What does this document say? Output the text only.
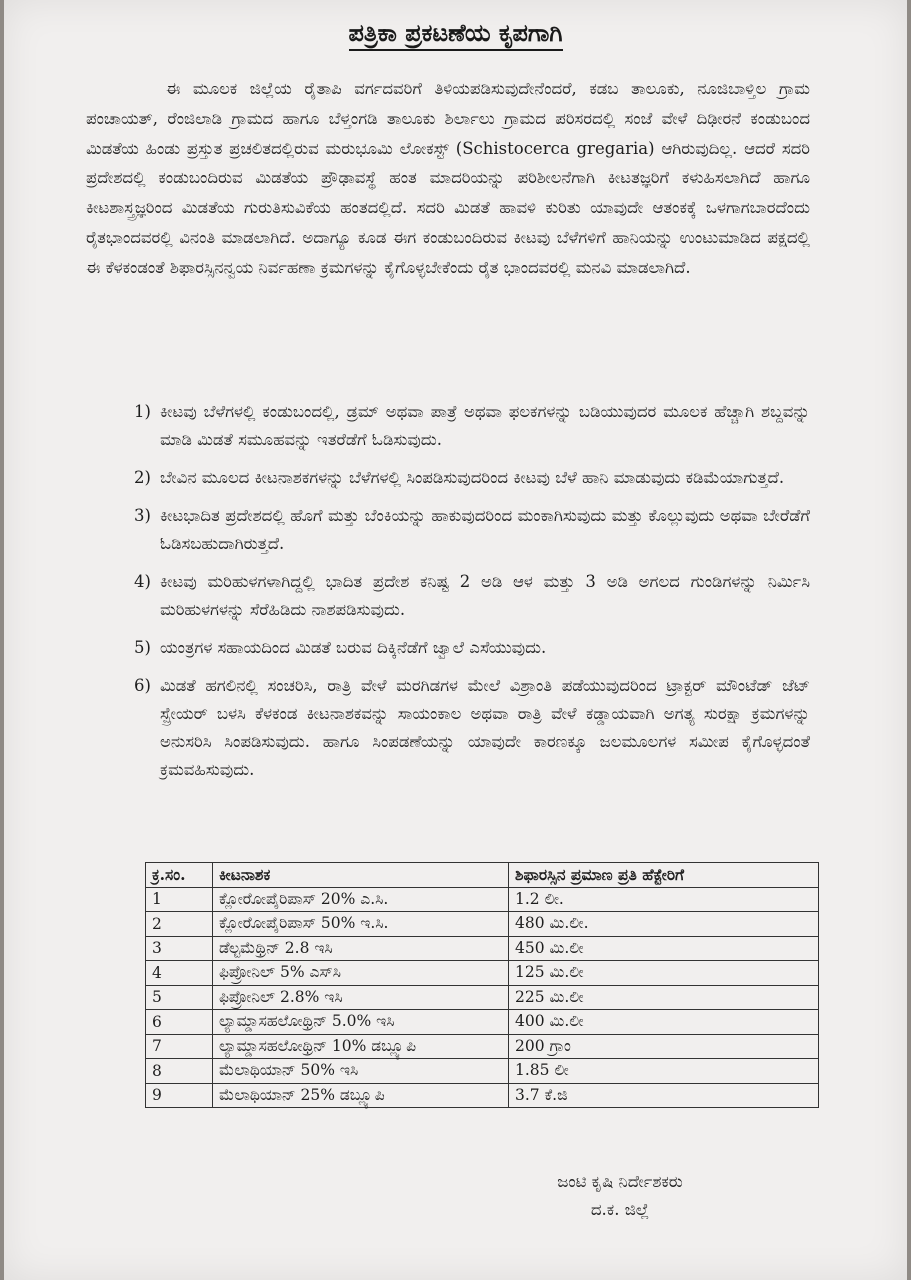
ಪತ್ರಿಕಾ ಪ್ರಕಟಣೆಯ ಕೃಪಗಾಗಿ
ಈ ಮೂಲಕ ಜಿಲ್ಲೆಯ ರೈತಾಪಿ ವರ್ಗದವರಿಗೆ ತಿಳಿಯಪಡಿಸುವುದೇನೆಂದರೆ, ಕಡಬ ತಾಲೂಕು, ನೂಜಿಬಾಳ್ತಿಲ ಗ್ರಾಮ ಪಂಚಾಯತ್, ರೆಂಜಿಲಾಡಿ ಗ್ರಾಮದ ಹಾಗೂ ಬೆಳ್ತಂಗಡಿ ತಾಲೂಕು ಶಿರ್ಲಾಲು ಗ್ರಾಮದ ಪರಿಸರದಲ್ಲಿ ಸಂಜೆ ವೇಳೆ ದಿಢೀರನೆ ಕಂಡುಬಂದ ಮಿಡತೆಯ ಹಿಂಡು ಪ್ರಸ್ತುತ ಪ್ರಚಲಿತದಲ್ಲಿರುವ ಮರುಭೂಮಿ ಲೋಕಸ್ಟ್ (Schistocerca gregaria) ಆಗಿರುವುದಿಲ್ಲ. ಆದರೆ ಸದರಿ ಪ್ರದೇಶದಲ್ಲಿ ಕಂಡುಬಂದಿರುವ ಮಿಡತೆಯ ಪ್ರೌಢಾವಸ್ಥೆ ಹಂತ ಮಾದರಿಯನ್ನು ಪರಿಶೀಲನೆಗಾಗಿ ಕೀಟತಜ್ಞರಿಗೆ ಕಳುಹಿಸಲಾಗಿದೆ ಹಾಗೂ ಕೀಟಶಾಸ್ತ್ರಜ್ಞರಿಂದ ಮಿಡತೆಯ ಗುರುತಿಸುವಿಕೆಯ ಹಂತದಲ್ಲಿದೆ. ಸದರಿ ಮಿಡತೆ ಹಾವಳಿ ಕುರಿತು ಯಾವುದೇ ಆತಂಕಕ್ಕೆ ಒಳಗಾಗಬಾರದೆಂದು ರೈತಭಾಂದವರಲ್ಲಿ ವಿನಂತಿ ಮಾಡಲಾಗಿದೆ. ಅದಾಗ್ಯೂ ಕೂಡ ಈಗ ಕಂಡುಬಂದಿರುವ ಕೀಟವು ಬೆಳೆಗಳಿಗೆ ಹಾನಿಯನ್ನು ಉಂಟುಮಾಡಿದ ಪಕ್ಷದಲ್ಲಿ ಈ ಕೆಳಕಂಡಂತೆ ಶಿಫಾರಸ್ಸಿನನ್ವಯ ನಿರ್ವಹಣಾ ಕ್ರಮಗಳನ್ನು ಕೈಗೊಳ್ಳಬೇಕೆಂದು ರೈತ ಭಾಂದವರಲ್ಲಿ ಮನವಿ ಮಾಡಲಾಗಿದೆ.
1) ಕೀಟವು ಬೆಳೆಗಳಲ್ಲಿ ಕಂಡುಬಂದಲ್ಲಿ, ಡ್ರಮ್ ಅಥವಾ ಪಾತ್ರೆ ಅಥವಾ ಫಲಕಗಳನ್ನು ಬಡಿಯುವುದರ ಮೂಲಕ ಹೆಚ್ಚಾಗಿ ಶಬ್ದವನ್ನು ಮಾಡಿ ಮಿಡತೆ ಸಮೂಹವನ್ನು ಇತರೆಡೆಗೆ ಓಡಿಸುವುದು.
2) ಬೇವಿನ ಮೂಲದ ಕೀಟನಾಶಕಗಳನ್ನು ಬೆಳೆಗಳಲ್ಲಿ ಸಿಂಪಡಿಸುವುದರಿಂದ ಕೀಟವು ಬೆಳೆ ಹಾನಿ ಮಾಡುವುದು ಕಡಿಮೆಯಾಗುತ್ತದೆ.
3) ಕೀಟಭಾದಿತ ಪ್ರದೇಶದಲ್ಲಿ ಹೊಗೆ ಮತ್ತು ಬೆಂಕಿಯನ್ನು ಹಾಕುವುದರಿಂದ ಮಂಕಾಗಿಸುವುದು ಮತ್ತು ಕೊಲ್ಲುವುದು ಅಥವಾ ಬೇರೆಡೆಗೆ ಓಡಿಸಬಹುದಾಗಿರುತ್ತದೆ.
4) ಕೀಟವು ಮರಿಹುಳಗಳಾಗಿದ್ದಲ್ಲಿ ಭಾದಿತ ಪ್ರದೇಶ ಕನಿಷ್ಟ 2 ಅಡಿ ಆಳ ಮತ್ತು 3 ಅಡಿ ಅಗಲದ ಗುಂಡಿಗಳನ್ನು ನಿರ್ಮಿಸಿ ಮರಿಹುಳಗಳನ್ನು ಸೆರೆಹಿಡಿದು ನಾಶಪಡಿಸುವುದು.
5) ಯಂತ್ರಗಳ ಸಹಾಯದಿಂದ ಮಿಡತೆ ಬರುವ ದಿಕ್ಕಿನೆಡೆಗೆ ಜ್ವಾಲೆ ಎಸೆಯುವುದು.
6) ಮಿಡತೆ ಹಗಲಿನಲ್ಲಿ ಸಂಚರಿಸಿ, ರಾತ್ರಿ ವೇಳೆ ಮರಗಿಡಗಳ ಮೇಲೆ ವಿಶ್ರಾಂತಿ ಪಡೆಯುವುದರಿಂದ ಟ್ರಾಕ್ಟರ್ ಮೌಂಟೆಡ್ ಜೆಟ್ ಸ್ಪ್ರೇಯರ್ ಬಳಸಿ ಕೆಳಕಂಡ ಕೀಟನಾಶಕವನ್ನು ಸಾಯಂಕಾಲ ಅಥವಾ ರಾತ್ರಿ ವೇಳೆ ಕಡ್ಡಾಯವಾಗಿ ಅಗತ್ಯ ಸುರಕ್ಷಾ ಕ್ರಮಗಳನ್ನು ಅನುಸರಿಸಿ ಸಿಂಪಡಿಸುವುದು. ಹಾಗೂ ಸಿಂಪಡಣೆಯನ್ನು ಯಾವುದೇ ಕಾರಣಕ್ಕೂ ಜಲಮೂಲಗಳ ಸಮೀಪ ಕೈಗೊಳ್ಳದಂತೆ ಕ್ರಮವಹಿಸುವುದು.
ಕ್ರ.ಸಂ.	ಕೀಟನಾಶಕ	ಶಿಫಾರಸ್ಸಿನ ಪ್ರಮಾಣ ಪ್ರತಿ ಹೆಕ್ಟೇರಿಗೆ
1	ಕ್ಲೋರೋಪೈರಿಪಾಸ್ 20% ಎ.ಸಿ.	1.2 ಲೀ.
2	ಕ್ಲೋರೋಪೈರಿಪಾಸ್ 50% ಇ.ಸಿ.	480 ಮಿ.ಲೀ.
3	ಡೆಲ್ಟಮೆಥ್ರಿನ್ 2.8 ಇಸಿ	450 ಮಿ.ಲೀ
4	ಫಿಪ್ರೋನಿಲ್ 5% ಎಸ್‌ಸಿ	125 ಮಿ.ಲೀ
5	ಫಿಪ್ರೋನಿಲ್ 2.8% ಇಸಿ	225 ಮಿ.ಲೀ
6	ಲ್ಯಾಮ್ಡಾಸಹಲೋಥ್ರಿನ್ 5.0% ಇಸಿ	400 ಮಿ.ಲೀ
7	ಲ್ಯಾಮ್ಡಾಸಹಲೋಥ್ರಿನ್ 10% ಡಬ್ಲ್ಯೂಪಿ	200 ಗ್ರಾಂ
8	ಮೆಲಾಥಿಯಾನ್ 50% ಇಸಿ	1.85 ಲೀ
9	ಮೆಲಾಥಿಯಾನ್ 25% ಡಬ್ಲ್ಯೂಪಿ	3.7 ಕೆ.ಜಿ
ಜಂಟಿ ಕೃಷಿ ನಿರ್ದೇಶಕರು
ದ.ಕ. ಜಿಲ್ಲೆ
